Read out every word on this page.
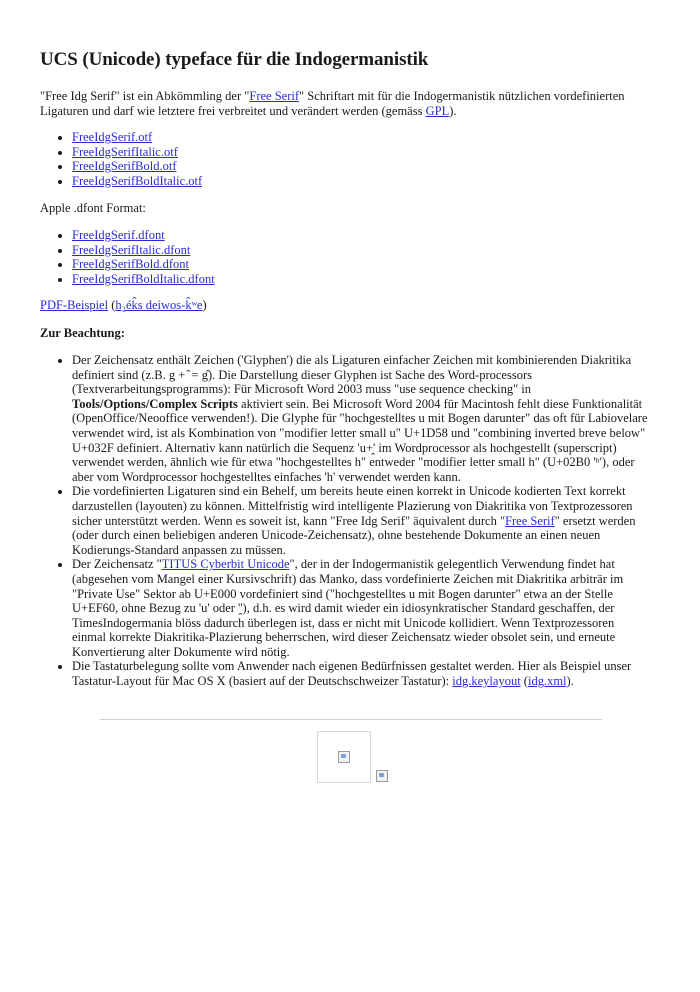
UCS (Unicode) typeface für die Indogermanistik

"Free Idg Serif" ist ein Abkömmling der "Free Serif" Schriftart mit für die Indogermanistik nützlichen vordefinierten Ligaturen und darf wie letztere frei verbreitet und verändert werden (gemäss GPL).

• FreeIdgSerif.otf
• FreeIdgSerifItalic.otf
• FreeIdgSerifBold.otf
• FreeIdgSerifBoldItalic.otf

Apple .dfont Format:

• FreeIdgSerif.dfont
• FreeIdgSerifItalic.dfont
• FreeIdgSerifBold.dfont
• FreeIdgSerifBoldItalic.dfont

PDF-Beispiel (h₂ék̂s deiwos-k̂ʷe)

Zur Beachtung:

• Der Zeichensatz enthält Zeichen ('Glyphen') die als Ligaturen einfacher Zeichen mit kombinierenden Diakritika definiert sind (z.B. g + ̑ = g̑). Die Darstellung dieser Glyphen ist Sache des Word-processors (Textverarbeitungsprogramms): Für Microsoft Word 2003 muss "use sequence checking" in Tools/Options/Complex Scripts aktiviert sein. Bei Microsoft Word 2004 für Macintosh fehlt diese Funktionalität (OpenOffice/Neooffice verwenden!). Die Glyphe für "hochgestelltes u mit Bogen darunter" das oft für Labiovelare verwendet wird, ist als Kombination von "modifier letter small u" U+1D58 und "combining inverted breve below" U+032F definiert. Alternativ kann natürlich die Sequenz 'u+̯' im Wordprocessor als hochgestellt (superscript) verwendet werden, ähnlich wie für etwa "hochgestelltes h" entweder "modifier letter small h" (U+02B0 'ʰ'), oder aber vom Wordprocessor hochgestelltes einfaches 'h' verwendet werden kann.
• Die vordefinierten Ligaturen sind ein Behelf, um bereits heute einen korrekt in Unicode kodierten Text korrekt darzustellen (layouten) zu können. Mittelfristig wird intelligente Plazierung von Diakritika von Textprozessoren sicher unterstützt werden. Wenn es soweit ist, kann "Free Idg Serif" äquivalent durch "Free Serif" ersetzt werden (oder durch einen beliebigen anderen Unicode-Zeichensatz), ohne bestehende Dokumente an einen neuen Kodierungs-Standard anpassen zu müssen.
• Der Zeichensatz "TITUS Cyberbit Unicode", der in der Indogermanistik gelegentlich Verwendung findet hat (abgesehen vom Mangel einer Kursivschrift) das Manko, dass vordefinierte Zeichen mit Diakritika arbiträr im "Private Use" Sektor ab U+E000 vordefiniert sind ("hochgestelltes u mit Bogen darunter" etwa an der Stelle U+EF60, ohne Bezug zu 'u' oder '̯'), d.h. es wird damit wieder ein idiosynkratischer Standard geschaffen, der TimesIndogermania blöss dadurch überlegen ist, dass er nicht mit Unicode kollidiert. Wenn Textprozessoren einmal korrekte Diakritika-Plazierung beherrschen, wird dieser Zeichensatz wieder obsolet sein, und erneute Konvertierung alter Dokumente wird nötig.
• Die Tastaturbelegung sollte vom Anwender nach eigenen Bedürfnissen gestaltet werden. Hier als Beispiel unser Tastatur-Layout für Mac OS X (basiert auf der Deutschschweizer Tastatur): idg.keylayout (idg.xml).
